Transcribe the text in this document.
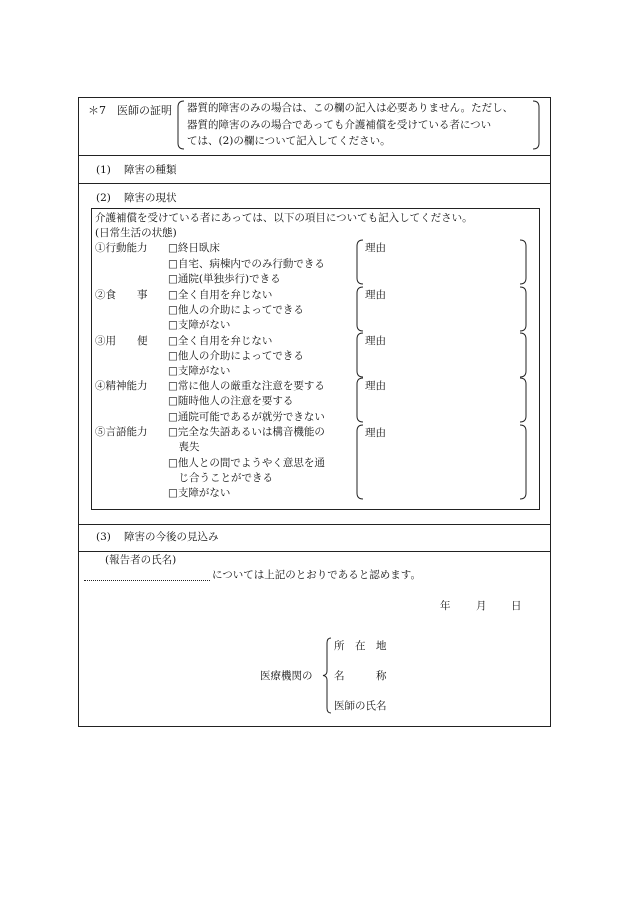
＊7　医師の証明 器質的障害のみの場合は、この欄の記入は必要ありません。ただし、
器質的障害のみの場合であっても介護補償を受けている者につい
ては、(2)の欄について記入してください。
(1) 障害の種類
(2) 障害の現状
介護補償を受けている者にあっては、以下の項目についても記入してください。
(日常生活の状態)
①行動能力 □終日臥床
□自宅、病棟内でのみ行動できる
□通院(単独歩行)できる
②食　　事 □全く自用を弁じない
□他人の介助によってできる
□支障がない
③用　　便 □全く自用を弁じない
□他人の介助によってできる
□支障がない
④精神能力 □常に他人の厳重な注意を要する
□随時他人の注意を要する
□通院可能であるが就労できない
⑤言語能力 □完全な失語あるいは構音機能の
　喪失
□他人との間でようやく意思を通
　じ合うことができる
□支障がない
理由
理由
理由
理由
理由
(3) 障害の今後の見込み
(報告者の氏名)
については上記のとおりであると認めます。
年 月 日
医療機関の
所　在　地
名　　　称
医師の氏名
